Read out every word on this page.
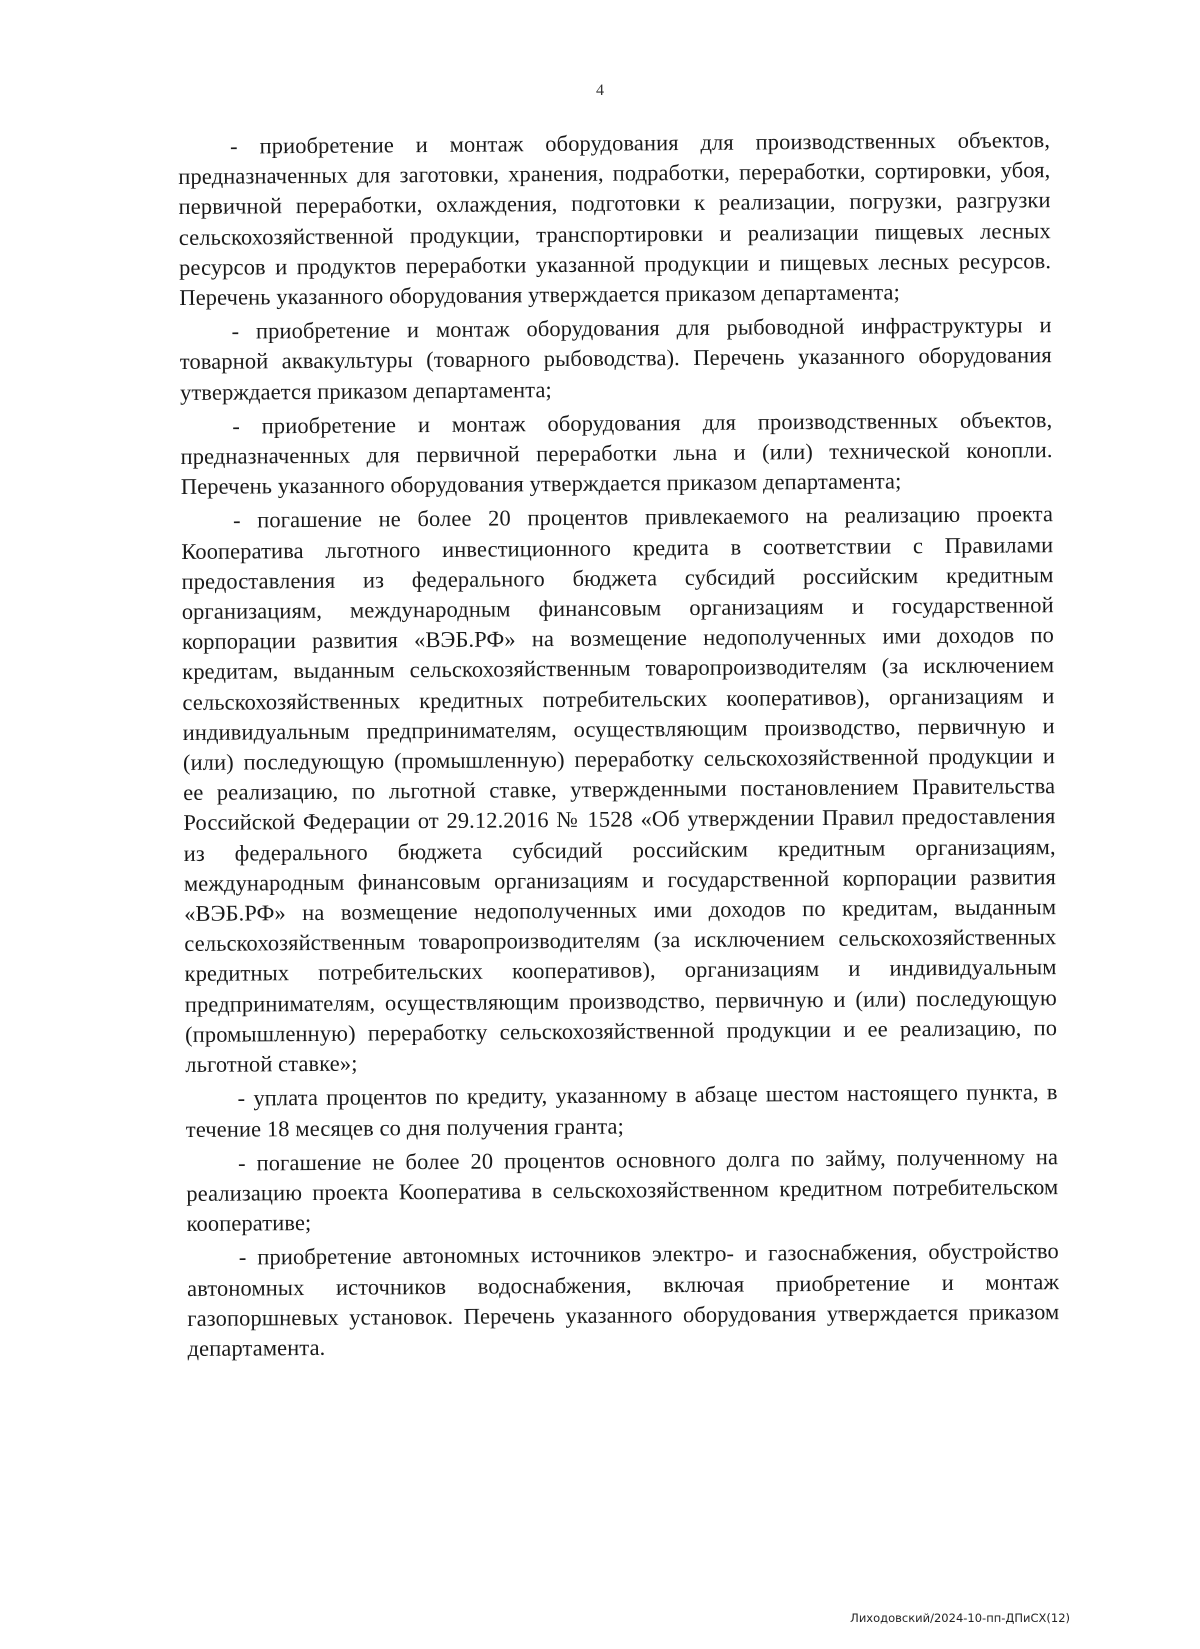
4

- приобретение и монтаж оборудования для производственных объектов, предназначенных для заготовки, хранения, подработки, переработки, сортировки, убоя, первичной переработки, охлаждения, подготовки к реализации, погрузки, разгрузки сельскохозяйственной продукции, транспортировки и реализации пищевых лесных ресурсов и продуктов переработки указанной продукции и пищевых лесных ресурсов. Перечень указанного оборудования утверждается приказом департамента;

- приобретение и монтаж оборудования для рыбоводной инфраструктуры и товарной аквакультуры (товарного рыбоводства). Перечень указанного оборудования утверждается приказом департамента;

- приобретение и монтаж оборудования для производственных объектов, предназначенных для первичной переработки льна и (или) технической конопли. Перечень указанного оборудования утверждается приказом департамента;

- погашение не более 20 процентов привлекаемого на реализацию проекта Кооператива льготного инвестиционного кредита в соответствии с Правилами предоставления из федерального бюджета субсидий российским кредитным организациям, международным финансовым организациям и государственной корпорации развития «ВЭБ.РФ» на возмещение недополученных ими доходов по кредитам, выданным сельскохозяйственным товаропроизводителям (за исключением сельскохозяйственных кредитных потребительских кооперативов), организациям и индивидуальным предпринимателям, осуществляющим производство, первичную и (или) последующую (промышленную) переработку сельскохозяйственной продукции и ее реализацию, по льготной ставке, утвержденными постановлением Правительства Российской Федерации от 29.12.2016 № 1528 «Об утверждении Правил предоставления из федерального бюджета субсидий российским кредитным организациям, международным финансовым организациям и государственной корпорации развития «ВЭБ.РФ» на возмещение недополученных ими доходов по кредитам, выданным сельскохозяйственным товаропроизводителям (за исключением сельскохозяйственных кредитных потребительских кооперативов), организациям и индивидуальным предпринимателям, осуществляющим производство, первичную и (или) последующую (промышленную) переработку сельскохозяйственной продукции и ее реализацию, по льготной ставке»;

- уплата процентов по кредиту, указанному в абзаце шестом настоящего пункта, в течение 18 месяцев со дня получения гранта;

- погашение не более 20 процентов основного долга по займу, полученному на реализацию проекта Кооператива в сельскохозяйственном кредитном потребительском кооперативе;

- приобретение автономных источников электро- и газоснабжения, обустройство автономных источников водоснабжения, включая приобретение и монтаж газопоршневых установок. Перечень указанного оборудования утверждается приказом департамента.

Лиходовский/2024-10-пп-ДПиСХ(12)
